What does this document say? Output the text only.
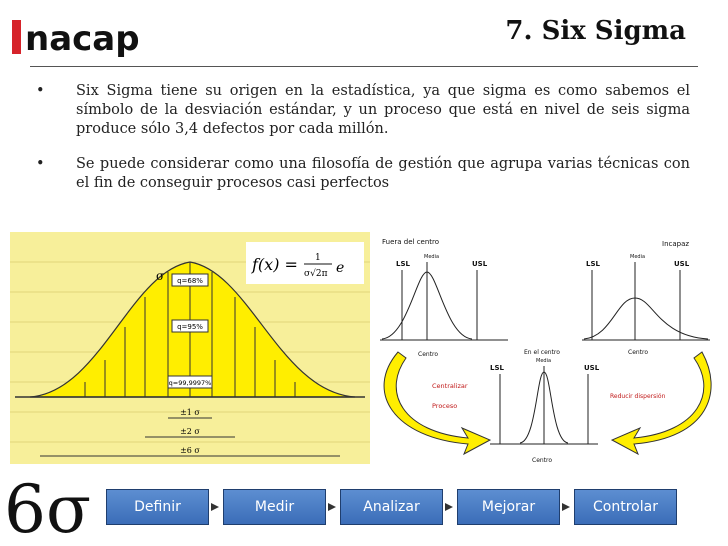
nacap	7. Six Sigma
•	Six Sigma tiene su origen en la estadística, ya que sigma es como sabemos el símbolo de la desviación estándar, y un proceso que está en nivel de seis sigma produce sólo 3,4 defectos por cada millón.
•	Se puede considerar como una filosofía de gestión que agrupa varias técnicas con el fin de conseguir procesos casi perfectos
q=68%
q=95%
q=99,9997%
σ
±1 σ
±2 σ
±6 σ
f(x) = 1
σ√2π e
Fuera del centro	Incapaz
LSL
Media
USL	LSL
Media
USL
Centro	Centro
En el centro
LSL
Media
USL
Centro
Centralizar
Proceso
Reducir dispersión
6σ	Definir	Medir	Analizar	Mejorar	Controlar
